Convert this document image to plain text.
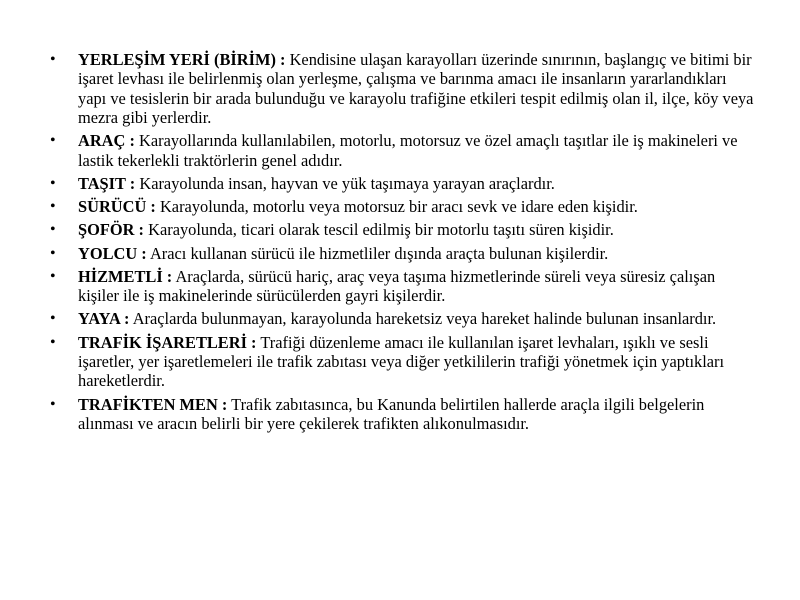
• YERLEŞİM YERİ (BİRİM) : Kendisine ulaşan karayolları üzerinde sınırının, başlangıç ve bitimi bir işaret levhası ile belirlenmiş olan yerleşme, çalışma ve barınma amacı ile insanların yararlandıkları yapı ve tesislerin bir arada bulunduğu ve karayolu trafiğine etkileri tespit edilmiş olan il, ilçe, köy veya mezra gibi yerlerdir.
• ARAÇ : Karayollarında kullanılabilen, motorlu, motorsuz ve özel amaçlı taşıtlar ile iş makineleri ve lastik tekerlekli traktörlerin genel adıdır.
• TAŞIT : Karayolunda insan, hayvan ve yük taşımaya yarayan araçlardır.
• SÜRÜCÜ : Karayolunda, motorlu veya motorsuz bir aracı sevk ve idare eden kişidir.
• ŞOFÖR : Karayolunda, ticari olarak tescil edilmiş bir motorlu taşıtı süren kişidir.
• YOLCU : Aracı kullanan sürücü ile hizmetliler dışında araçta bulunan kişilerdir.
• HİZMETLİ : Araçlarda, sürücü hariç, araç veya taşıma hizmetlerinde süreli veya süresiz çalışan kişiler ile iş makinelerinde sürücülerden gayri kişilerdir.
• YAYA : Araçlarda bulunmayan, karayolunda hareketsiz veya hareket halinde bulunan insanlardır.
• TRAFİK İŞARETLERİ : Trafiği düzenleme amacı ile kullanılan işaret levhaları, ışıklı ve sesli işaretler, yer işaretlemeleri ile trafik zabıtası veya diğer yetkililerin trafiği yönetmek için yaptıkları hareketlerdir.
• TRAFİKTEN MEN : Trafik zabıtasınca, bu Kanunda belirtilen hallerde araçla ilgili belgelerin alınması ve aracın belirli bir yere çekilerek trafikten alıkonulmasıdır.
